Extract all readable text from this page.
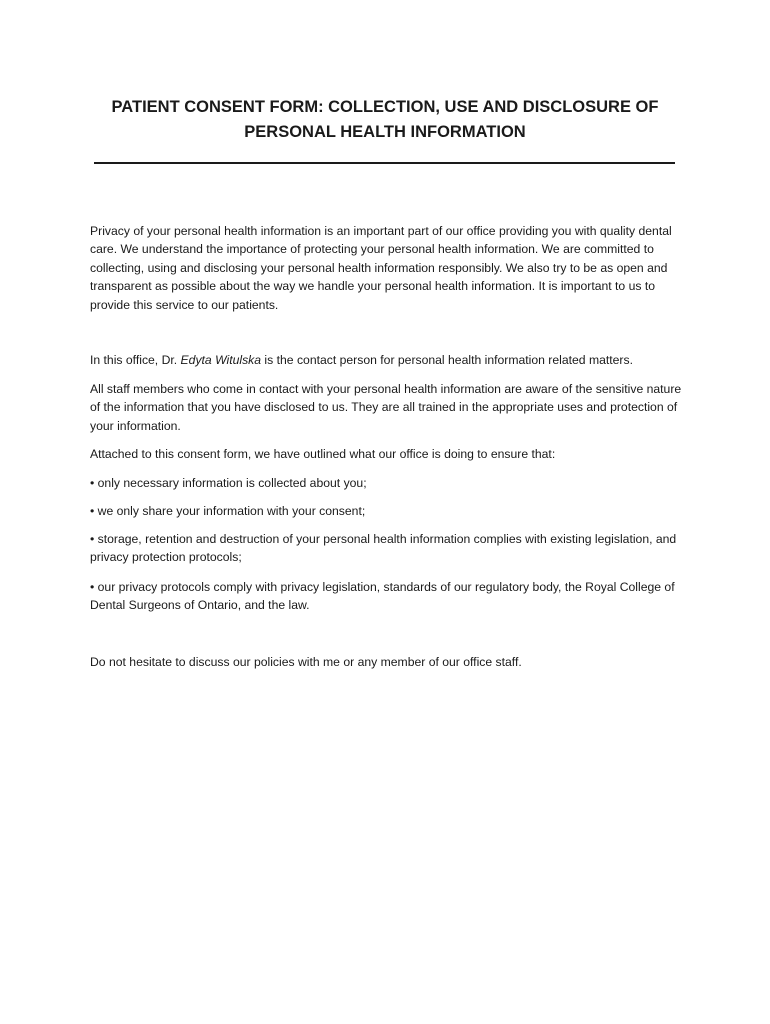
PATIENT CONSENT FORM: COLLECTION, USE AND DISCLOSURE OF
PERSONAL HEALTH INFORMATION

Privacy of your personal health information is an important part of our office providing you with quality dental care. We understand the importance of protecting your personal health information. We are committed to collecting, using and disclosing your personal health information responsibly. We also try to be as open and transparent as possible about the way we handle your personal health information. It is important to us to provide this service to our patients.

In this office, Dr. Edyta Witulska is the contact person for personal health information related matters.

All staff members who come in contact with your personal health information are aware of the sensitive nature of the information that you have disclosed to us. They are all trained in the appropriate uses and protection of your information.

Attached to this consent form, we have outlined what our office is doing to ensure that:

• only necessary information is collected about you;

• we only share your information with your consent;

• storage, retention and destruction of your personal health information complies with existing legislation, and privacy protection protocols;

• our privacy protocols comply with privacy legislation, standards of our regulatory body, the Royal College of Dental Surgeons of Ontario, and the law.

Do not hesitate to discuss our policies with me or any member of our office staff.
